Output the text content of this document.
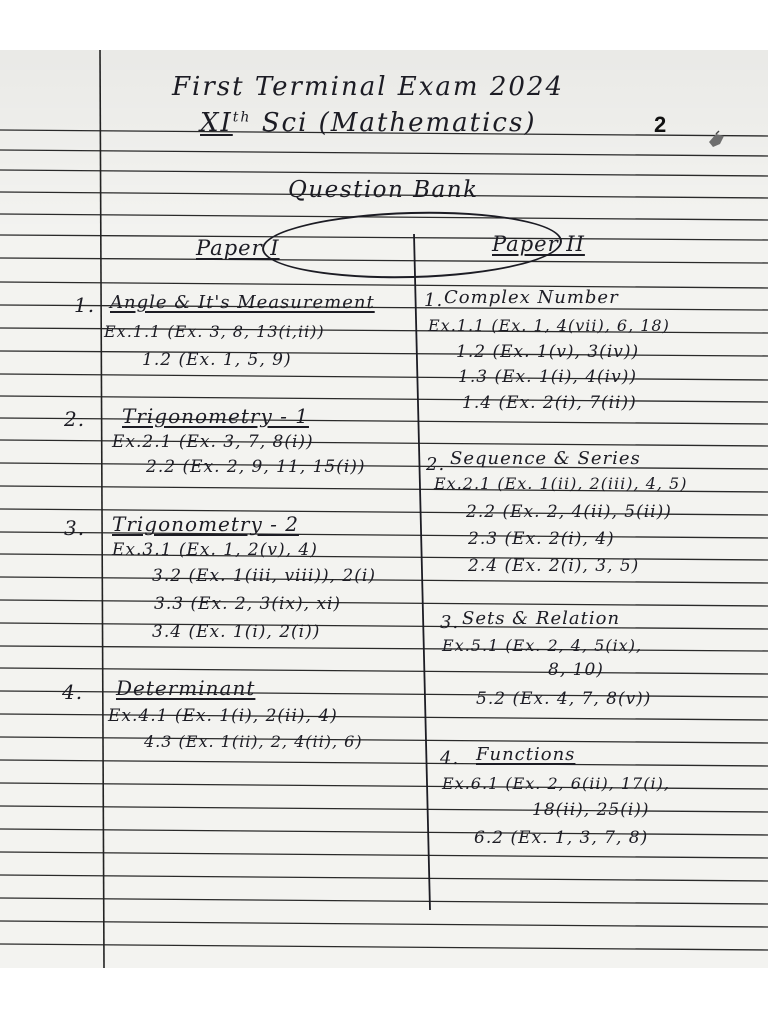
First Terminal Exam 2024
XIth Sci (Mathematics)	2
Question Bank
Paper I	Paper II
1. Angle & It's Measurement
Ex.1.1 (Ex. 3, 8, 13(i,ii))
1.2 (Ex. 1, 5, 9)
2. Trigonometry - 1
Ex.2.1 (Ex. 3, 7, 8(i))
2.2 (Ex. 2, 9, 11, 15(i))
3. Trigonometry - 2
Ex.3.1 (Ex. 1, 2(v), 4)
3.2 (Ex. 1(iii, viii)), 2(i)
3.3 (Ex. 2, 3(ix), xi)
3.4 (Ex. 1(i), 2(i))
4. Determinant
Ex.4.1 (Ex. 1(i), 2(ii), 4)
4.3 (Ex. 1(ii), 2, 4(ii), 6)
1. Complex Number
Ex.1.1 (Ex. 1, 4(vii), 6, 18)
1.2 (Ex. 1(v), 3(iv))
1.3 (Ex. 1(i), 4(iv))
1.4 (Ex. 2(i), 7(ii))
2. Sequence & Series
Ex.2.1 (Ex. 1(ii), 2(iii), 4, 5)
2.2 (Ex. 2, 4(ii), 5(ii))
2.3 (Ex. 2(i), 4)
2.4 (Ex. 2(i), 3, 5)
3. Sets & Relation
Ex.5.1 (Ex. 2, 4, 5(ix),
8, 10)
5.2 (Ex. 4, 7, 8(v))
4. Functions
Ex.6.1 (Ex. 2, 6(ii), 17(i),
18(ii), 25(i))
6.2 (Ex. 1, 3, 7, 8)
